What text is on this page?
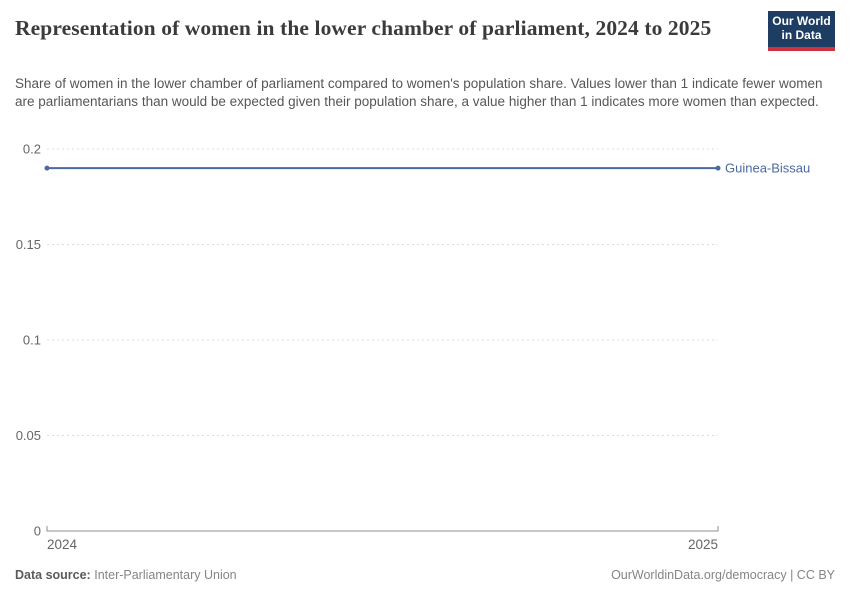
Representation of women in the lower chamber of parliament, 2024 to 2025

Share of women in the lower chamber of parliament compared to women's population share. Values lower than 1 indicate fewer women are parliamentarians than would be expected given their population share, a value higher than 1 indicates more women than expected.

Our World
in Data
0
0.05
0.1
0.15
0.2
2024	2025
Guinea-Bissau
Data source: Inter-Parliamentary Union	OurWorldinData.org/democracy | CC BY
